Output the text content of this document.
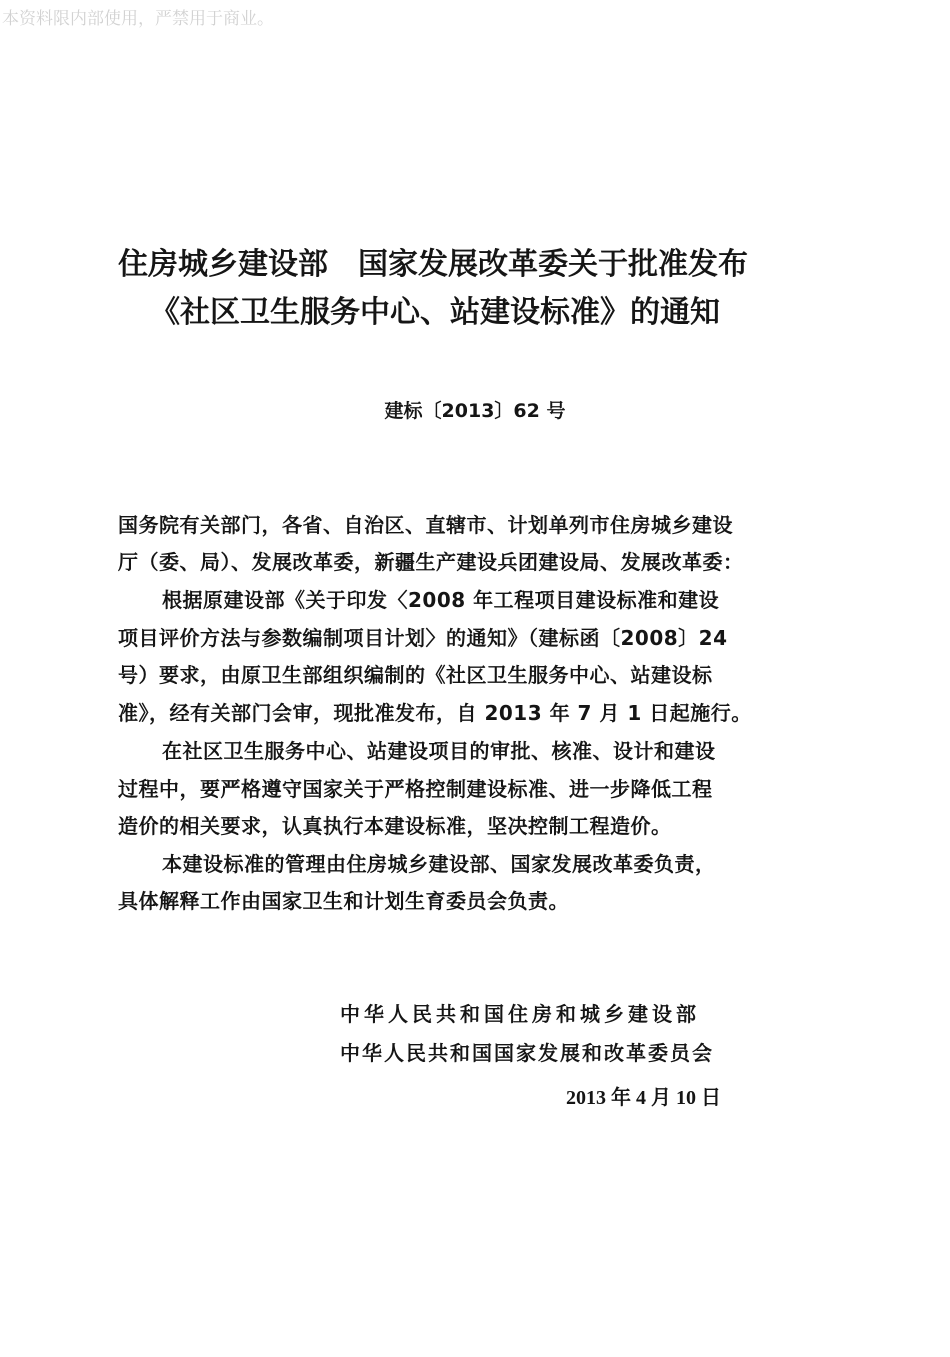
本资料限内部使用，严禁用于商业。
住房城乡建设部　国家发展改革委关于批准发布
《社区卫生服务中心、站建设标准》的通知
建标〔2013〕62 号
国务院有关部门，各省、自治区、直辖市、计划单列市住房城乡建设
厅（委、局）、发展改革委，新疆生产建设兵团建设局、发展改革委：
根据原建设部《关于印发〈2008 年工程项目建设标准和建设
项目评价方法与参数编制项目计划〉的通知》（建标函〔2008〕24
号）要求，由原卫生部组织编制的《社区卫生服务中心、站建设标
准》，经有关部门会审，现批准发布，自 2013 年 7 月 1 日起施行。
在社区卫生服务中心、站建设项目的审批、核准、设计和建设
过程中，要严格遵守国家关于严格控制建设标准、进一步降低工程
造价的相关要求，认真执行本建设标准，坚决控制工程造价。
本建设标准的管理由住房城乡建设部、国家发展改革委负责，
具体解释工作由国家卫生和计划生育委员会负责。
中华人民共和国住房和城乡建设部
中华人民共和国国家发展和改革委员会
2013 年 4 月 10 日
